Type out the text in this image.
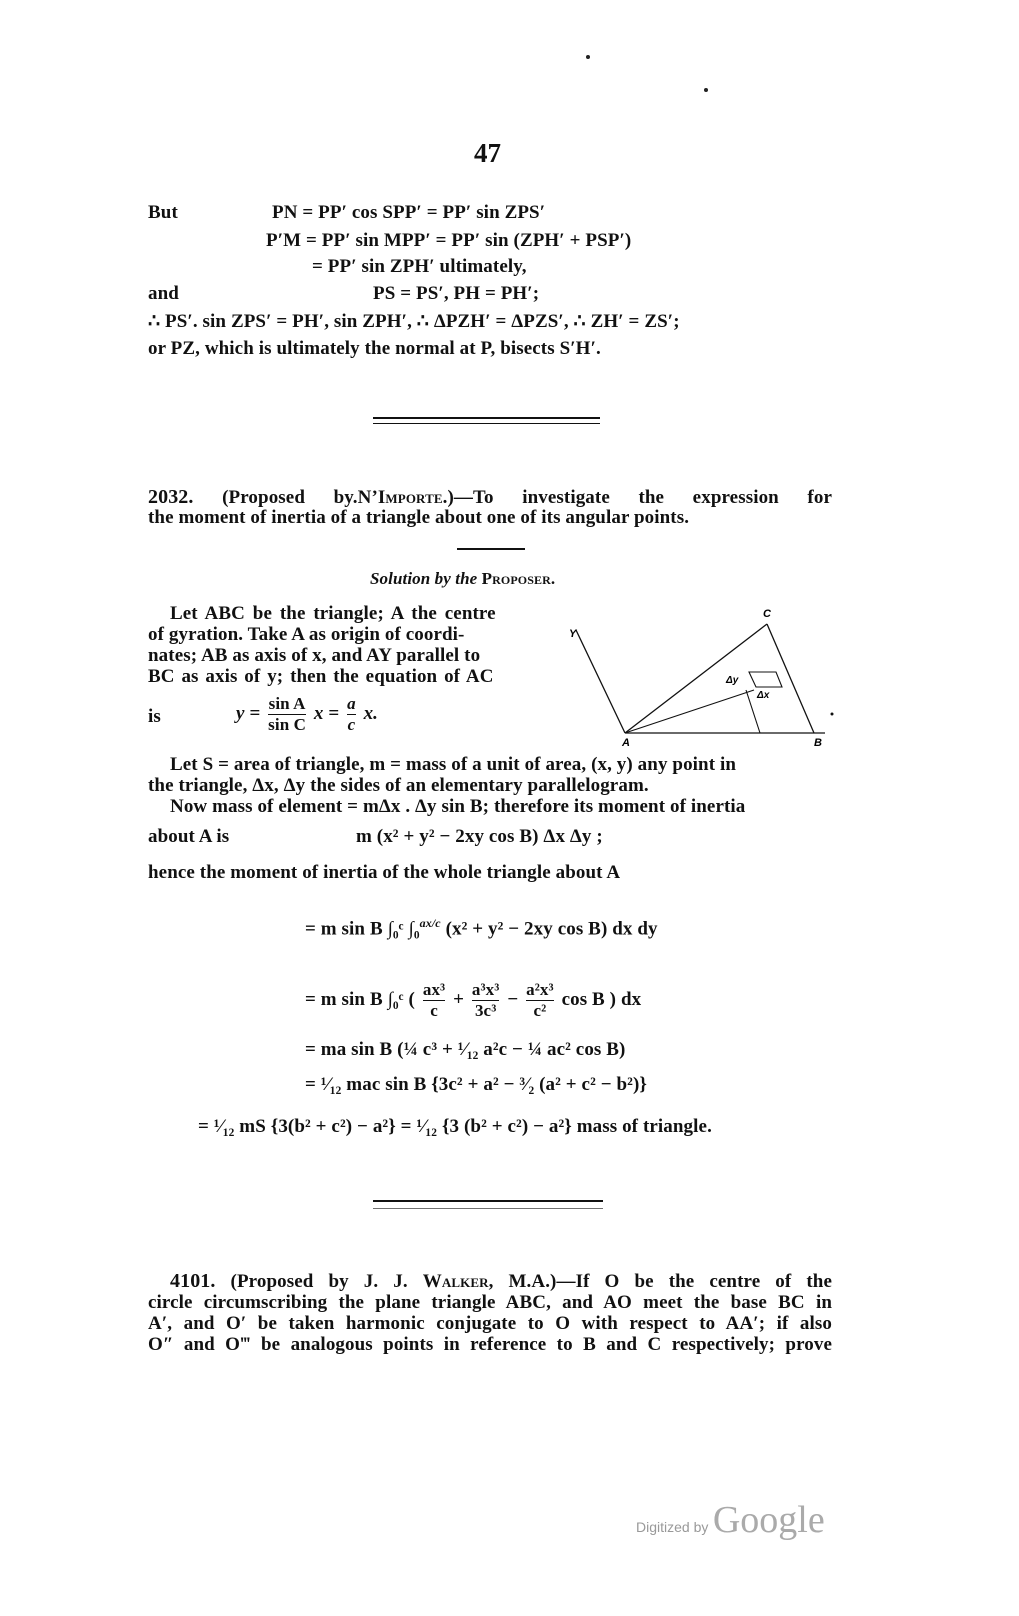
47
But	PN = PP′ cos SPP′ = PP′ sin ZPS′
P′M = PP′ sin MPP′ = PP′ sin (ZPH′ + PSP′)
= PP′ sin ZPH′ ultimately,
and	PS = PS′, PH = PH′;
∴ PS′. sin ZPS′ = PH′, sin ZPH′, ∴ ΔPZH′ = ΔPZS′, ∴ ZH′ = ZS′;
or PZ, which is ultimately the normal at P, bisects S′H′.
2032. (Proposed by.N’Importe.)—To investigate the expression for
the moment of inertia of a triangle about one of its angular points.
Solution by the Proposer.
Let ABC be the triangle; A the centre
of gyration. Take A as origin of coordi-
nates; AB as axis of x, and AY parallel to
BC as axis of y; then the equation of AC
is	$y = \frac{\text{sin A}}{\text{sin C}}$ $x = \frac{a}{c} x$.
C
Y
A	B
Δy
Δx
Let S = area of triangle, m = mass of a unit of area, (x, y) any point in
the triangle, Δx, Δy the sides of an elementary parallelogram.
Now mass of element = mΔx . Δy sin B; therefore its moment of inertia
about A is	m (x² + y² − 2xy cos B) Δx Δy ;
hence the moment of inertia of the whole triangle about A
= m sin B ∫₀ᶜ ∫₀$^{ax/c}$ (x² + y² − 2xy cos B) dx dy
= m sin B ∫₀ᶜ ( $\frac{\text{ax³}}{c} + \frac{\text{a³x³}}{\text{3c³}} - \frac{\text{a²x³}}{\text{c²}}$ cos B ) dx
= ma sin B (¼ c³ + ¹⁄₁₂ a²c − ¼ ac² cos B)
= ¹⁄₁₂ mac sin B {3c² + a² − ³⁄₂ (a² + c² − b²)}
= ¹⁄₁₂ mS {3(b² + c²) − a²} = ¹⁄₁₂ {3 (b² + c²) − a²} mass of triangle.
4101. (Proposed by J. J. Walker, M.A.)—If O be the centre of the
circle circumscribing the plane triangle ABC, and AO meet the base BC in
A′, and O′ be taken harmonic conjugate to O with respect to AA′; if also
O″ and O‴ be analogous points in reference to B and C respectively; prove
Digitized by Google
